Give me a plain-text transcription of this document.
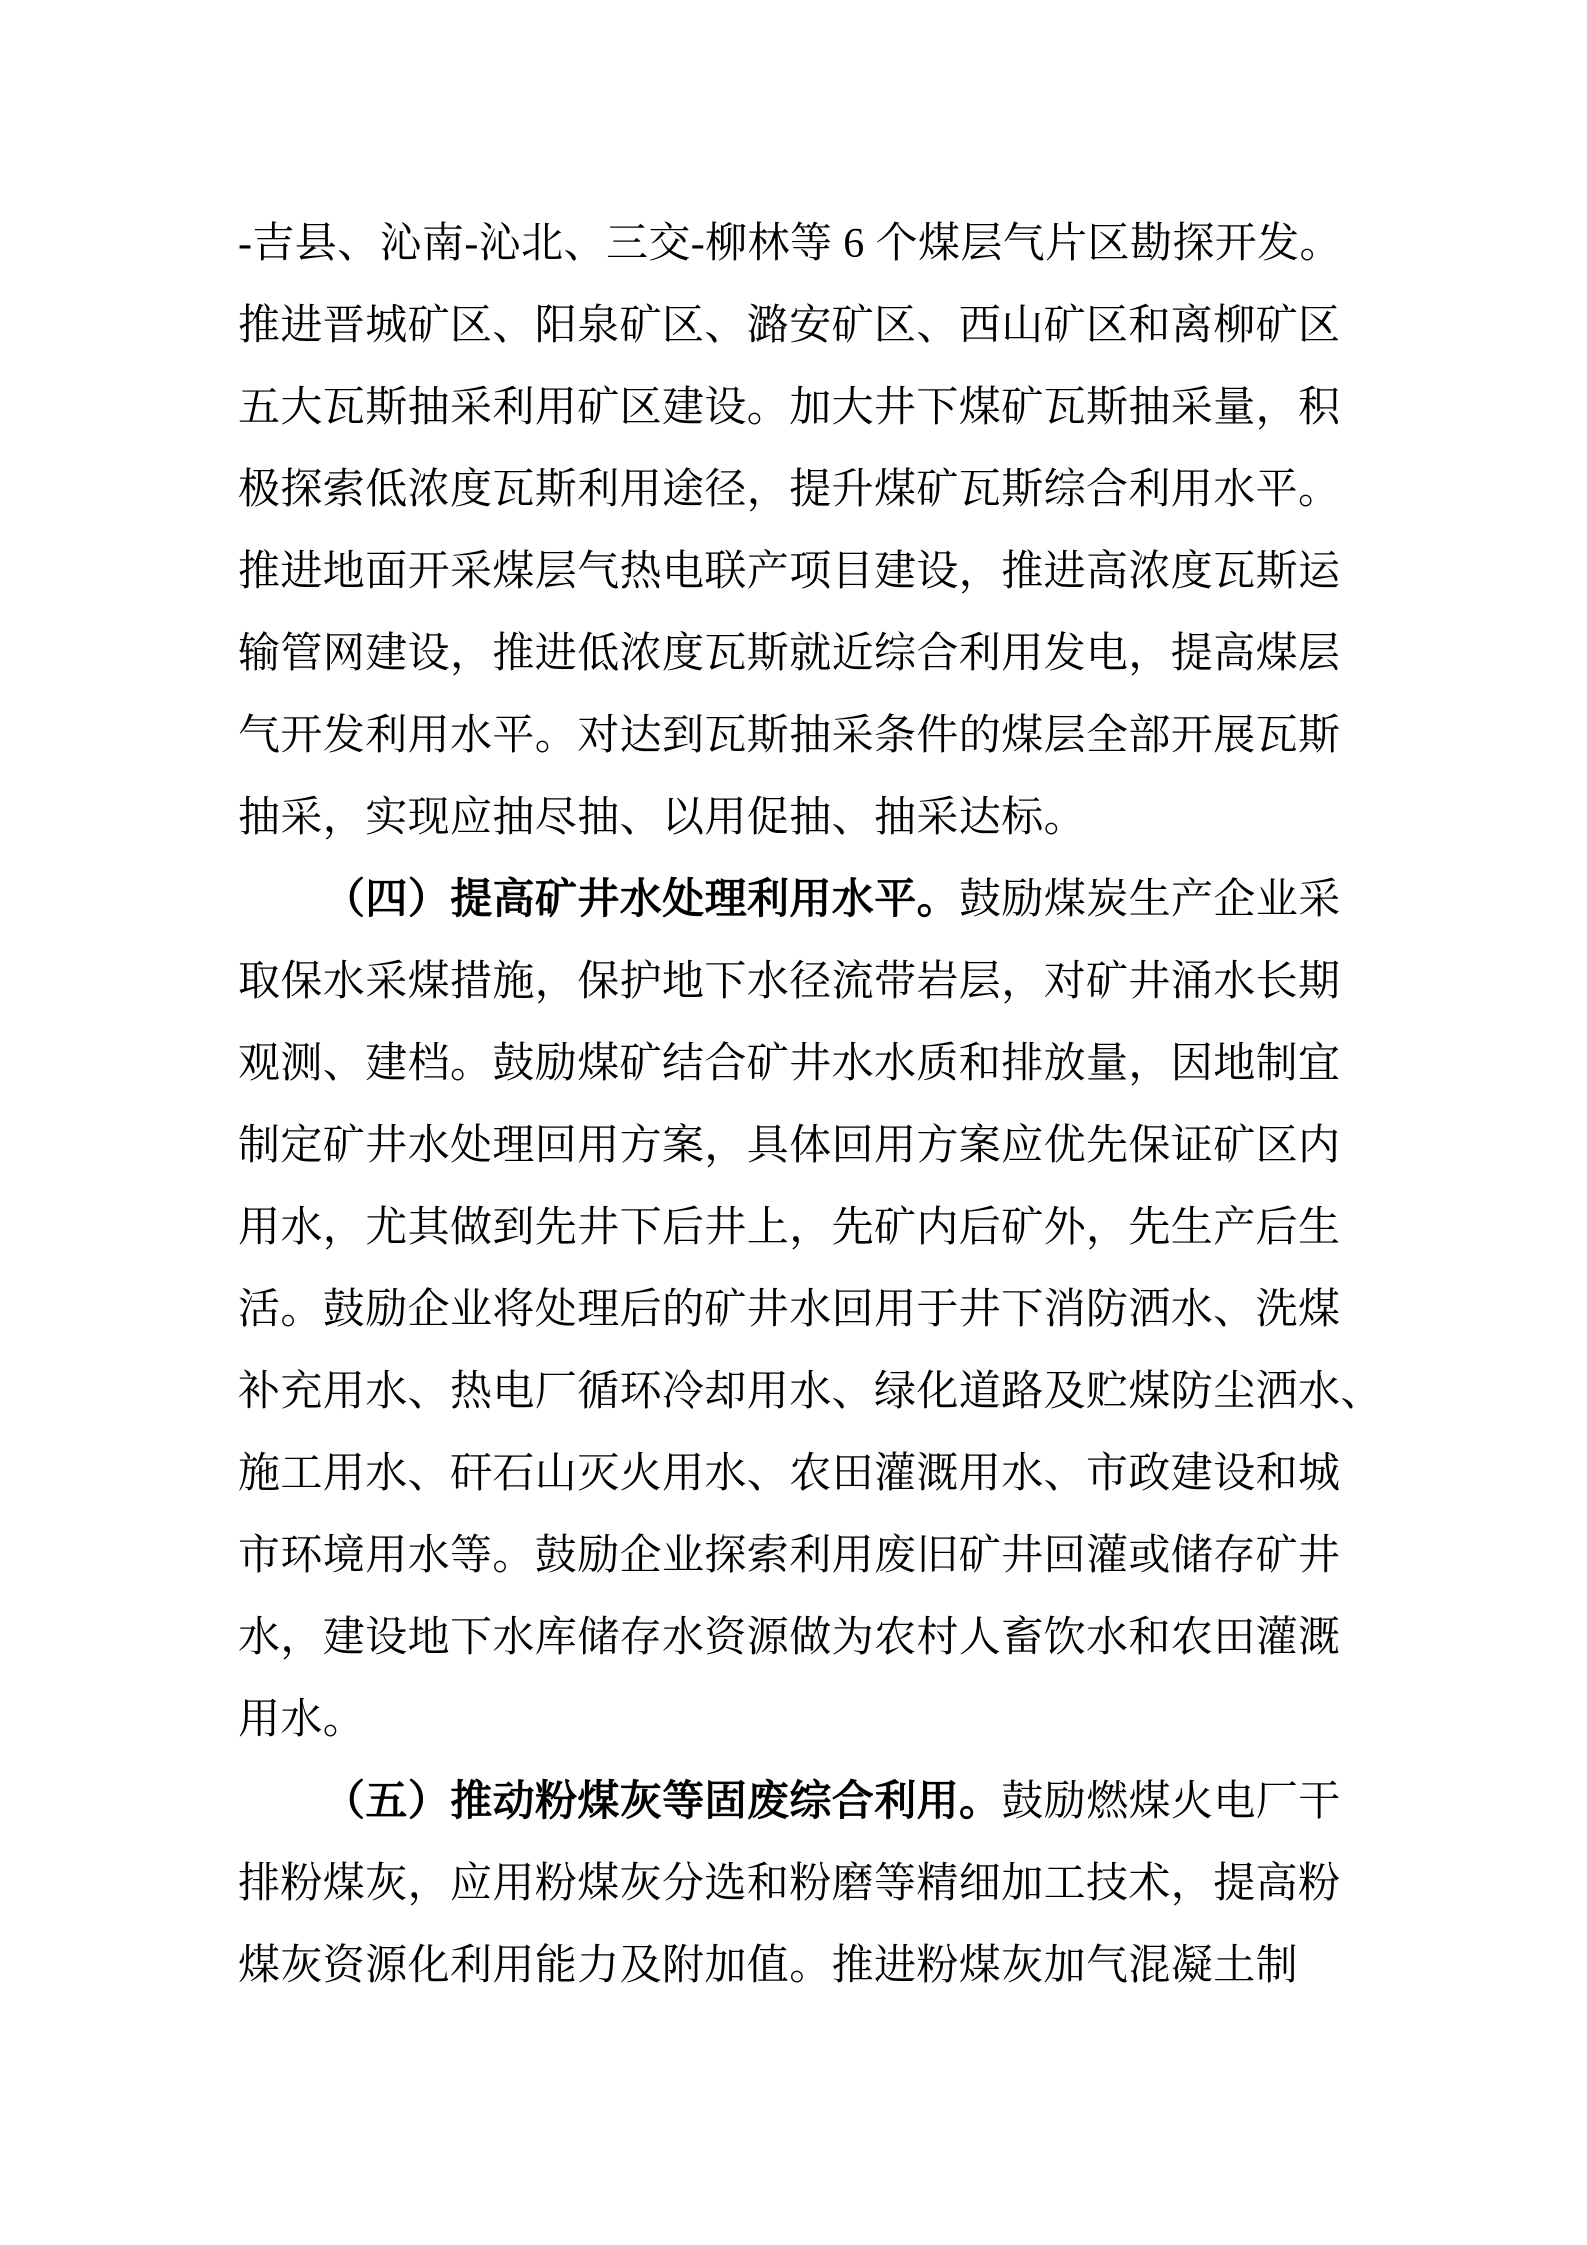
-吉县、沁南-沁北、三交-柳林等 6 个煤层气片区勘探开发。
推进晋城矿区、阳泉矿区、潞安矿区、西山矿区和离柳矿区
五大瓦斯抽采利用矿区建设。加大井下煤矿瓦斯抽采量，积
极探索低浓度瓦斯利用途径，提升煤矿瓦斯综合利用水平。
推进地面开采煤层气热电联产项目建设，推进高浓度瓦斯运
输管网建设，推进低浓度瓦斯就近综合利用发电，提高煤层
气开发利用水平。对达到瓦斯抽采条件的煤层全部开展瓦斯
抽采，实现应抽尽抽、以用促抽、抽采达标。
（四）提高矿井水处理利用水平。鼓励煤炭生产企业采
取保水采煤措施，保护地下水径流带岩层，对矿井涌水长期
观测、建档。鼓励煤矿结合矿井水水质和排放量，因地制宜
制定矿井水处理回用方案，具体回用方案应优先保证矿区内
用水，尤其做到先井下后井上，先矿内后矿外，先生产后生
活。鼓励企业将处理后的矿井水回用于井下消防洒水、洗煤
补充用水、热电厂循环冷却用水、绿化道路及贮煤防尘洒水、
施工用水、矸石山灭火用水、农田灌溉用水、市政建设和城
市环境用水等。鼓励企业探索利用废旧矿井回灌或储存矿井
水，建设地下水库储存水资源做为农村人畜饮水和农田灌溉
用水。
（五）推动粉煤灰等固废综合利用。鼓励燃煤火电厂干
排粉煤灰，应用粉煤灰分选和粉磨等精细加工技术，提高粉
煤灰资源化利用能力及附加值。推进粉煤灰加气混凝土制
